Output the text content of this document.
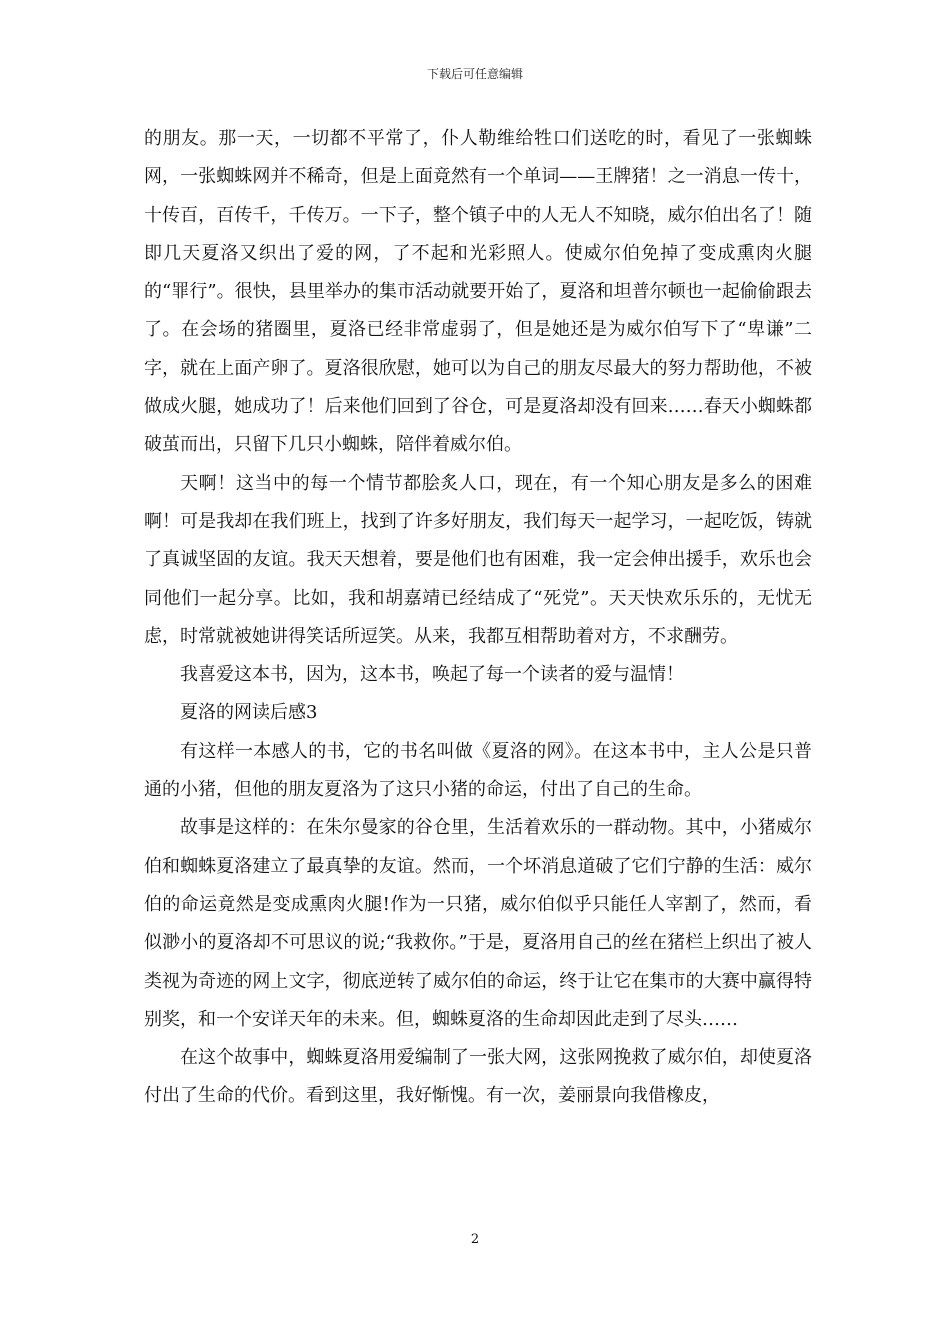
下载后可任意编辑

的朋友。那一天，一切都不平常了，仆人勒维给牲口们送吃的时，看见了一张蜘蛛网，一张蜘蛛网并不稀奇，但是上面竟然有一个单词——王牌猪！之一消息一传十，十传百，百传千，千传万。一下子，整个镇子中的人无人不知晓，威尔伯出名了！随即几天夏洛又织出了爱的网，了不起和光彩照人。使威尔伯免掉了变成熏肉火腿的“罪行”。很快，县里举办的集市活动就要开始了，夏洛和坦普尔顿也一起偷偷跟去了。在会场的猪圈里，夏洛已经非常虚弱了，但是她还是为威尔伯写下了“卑谦”二字，就在上面产卵了。夏洛很欣慰，她可以为自己的朋友尽最大的努力帮助他，不被做成火腿，她成功了！后来他们回到了谷仓，可是夏洛却没有回来……春天小蜘蛛都破茧而出，只留下几只小蜘蛛，陪伴着威尔伯。

天啊！这当中的每一个情节都脍炙人口，现在，有一个知心朋友是多么的困难啊！可是我却在我们班上，找到了许多好朋友，我们每天一起学习，一起吃饭，铸就了真诚坚固的友谊。我天天想着，要是他们也有困难，我一定会伸出援手，欢乐也会同他们一起分享。比如，我和胡嘉靖已经结成了“死党”。天天快欢乐乐的，无忧无虑，时常就被她讲得笑话所逗笑。从来，我都互相帮助着对方，不求酬劳。

我喜爱这本书，因为，这本书，唤起了每一个读者的爱与温情！

夏洛的网读后感3

有这样一本感人的书，它的书名叫做《夏洛的网》。在这本书中，主人公是只普通的小猪，但他的朋友夏洛为了这只小猪的命运，付出了自己的生命。

故事是这样的：在朱尔曼家的谷仓里，生活着欢乐的一群动物。其中，小猪威尔伯和蜘蛛夏洛建立了最真挚的友谊。然而，一个坏消息道破了它们宁静的生活：威尔伯的命运竟然是变成熏肉火腿!作为一只猪，威尔伯似乎只能任人宰割了，然而，看似渺小的夏洛却不可思议的说;“我救你。”于是，夏洛用自己的丝在猪栏上织出了被人类视为奇迹的网上文字，彻底逆转了威尔伯的命运，终于让它在集市的大赛中赢得特别奖，和一个安详天年的未来。但，蜘蛛夏洛的生命却因此走到了尽头……

在这个故事中，蜘蛛夏洛用爱编制了一张大网，这张网挽救了威尔伯，却使夏洛付出了生命的代价。看到这里，我好惭愧。有一次，姜丽景向我借橡皮，

2
